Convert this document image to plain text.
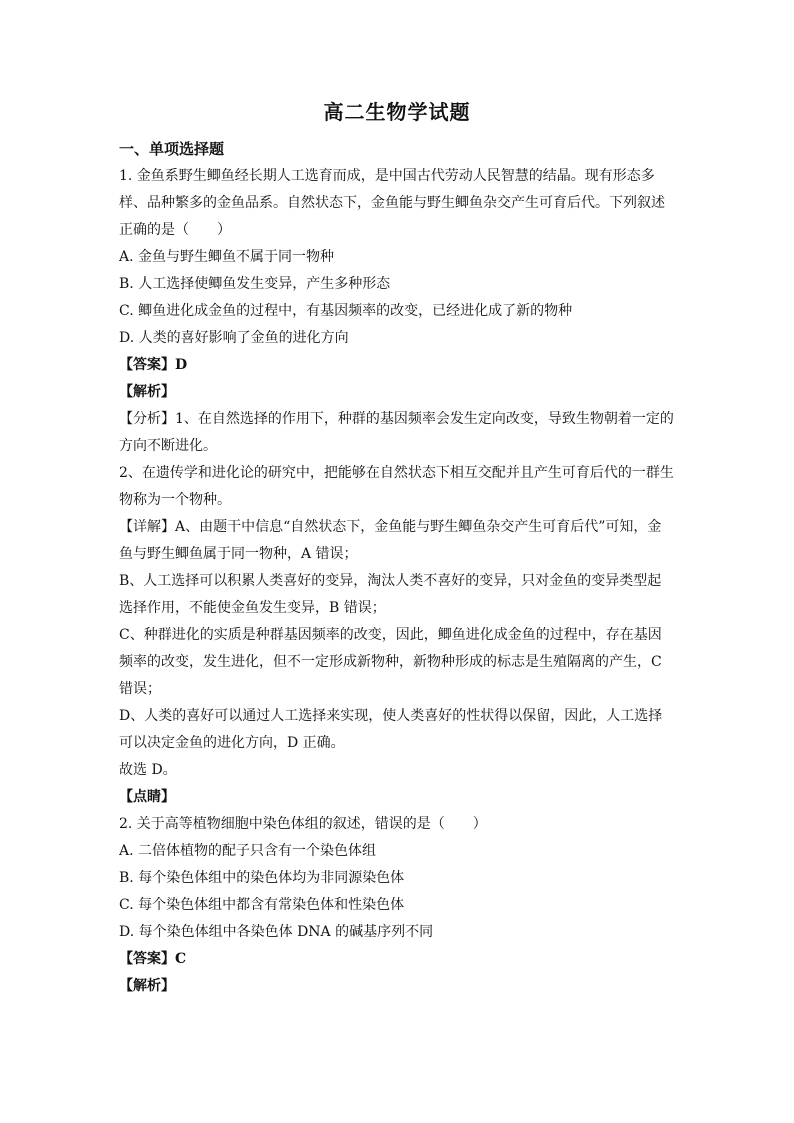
高二生物学试题
一、单项选择题
1. 金鱼系野生鲫鱼经长期人工选育而成，是中国古代劳动人民智慧的结晶。现有形态多
样、品种繁多的金鱼品系。自然状态下，金鱼能与野生鲫鱼杂交产生可育后代。下列叙述
正确的是（　　）
A. 金鱼与野生鲫鱼不属于同一物种
B. 人工选择使鲫鱼发生变异，产生多种形态
C. 鲫鱼进化成金鱼的过程中，有基因频率的改变，已经进化成了新的物种
D. 人类的喜好影响了金鱼的进化方向
【答案】D
【解析】
【分析】1、在自然选择的作用下，种群的基因频率会发生定向改变，导致生物朝着一定的
方向不断进化。
2、在遗传学和进化论的研究中，把能够在自然状态下相互交配并且产生可育后代的一群生
物称为一个物种。
【详解】A、由题干中信息“自然状态下，金鱼能与野生鲫鱼杂交产生可育后代”可知，金
鱼与野生鲫鱼属于同一物种，A 错误；
B、人工选择可以积累人类喜好的变异，淘汰人类不喜好的变异，只对金鱼的变异类型起
选择作用，不能使金鱼发生变异，B 错误；
C、种群进化的实质是种群基因频率的改变，因此，鲫鱼进化成金鱼的过程中，存在基因
频率的改变，发生进化，但不一定形成新物种，新物种形成的标志是生殖隔离的产生，C
错误；
D、人类的喜好可以通过人工选择来实现，使人类喜好的性状得以保留，因此，人工选择
可以决定金鱼的进化方向，D 正确。
故选 D。
【点睛】
2. 关于高等植物细胞中染色体组的叙述，错误的是（　　）
A. 二倍体植物的配子只含有一个染色体组
B. 每个染色体组中的染色体均为非同源染色体
C. 每个染色体组中都含有常染色体和性染色体
D. 每个染色体组中各染色体 DNA 的碱基序列不同
【答案】C
【解析】
